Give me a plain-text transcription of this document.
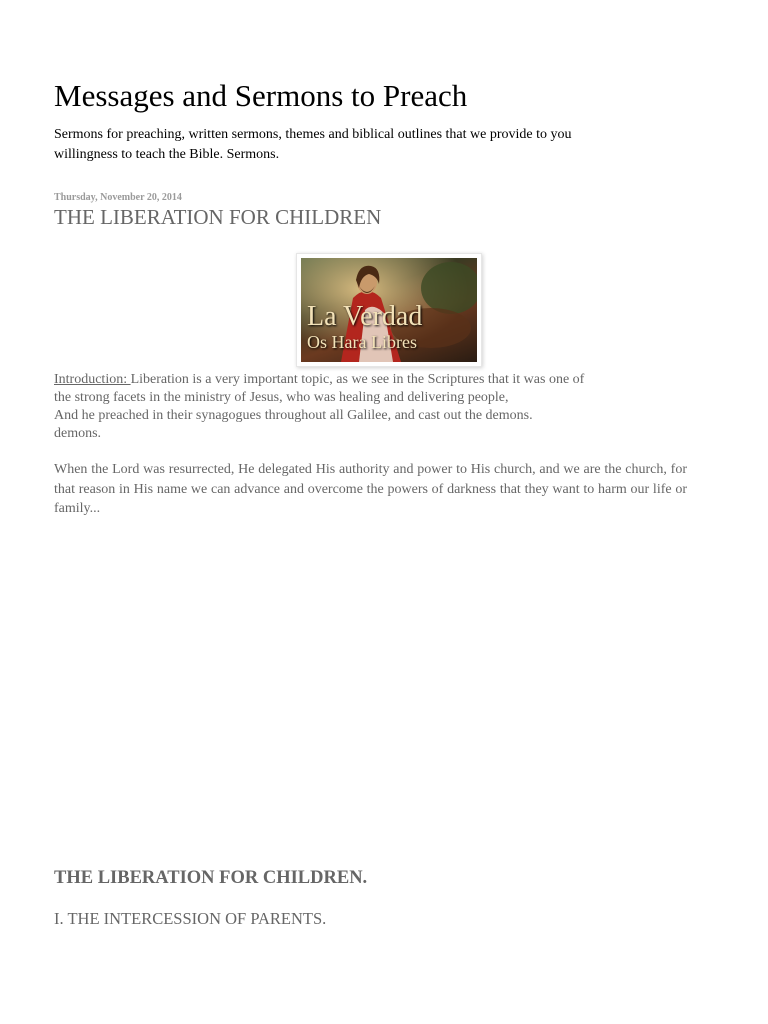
Messages and Sermons to Preach
Sermons for preaching, written sermons, themes and biblical outlines that we provide to you
willingness to teach the Bible. Sermons.
Thursday, November 20, 2014
THE LIBERATION FOR CHILDREN
La Verdad
Os Hara Libres
Introduction: Liberation is a very important topic, as we see in the Scriptures that it was one of
the strong facets in the ministry of Jesus, who was healing and delivering people,
And he preached in their synagogues throughout all Galilee, and cast out the demons.
demons.
When the Lord was resurrected, He delegated His authority and power to His church, and we are the church, for that reason in His name we can advance and overcome the powers of darkness that they want to harm our life or family...
THE LIBERATION FOR CHILDREN.
I. THE INTERCESSION OF PARENTS.
